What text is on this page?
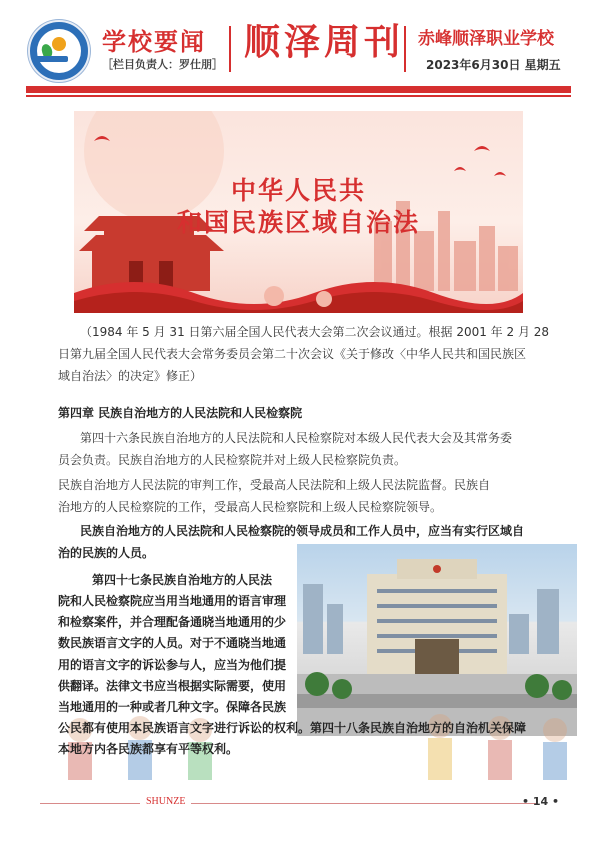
学校要闻
［栏目负责人：罗仕朋］
顺泽周刊 赤峰顺泽职业学校
2023年6月30日 星期五
中华人民共
和国民族区域自治法
（1984 年 5 月 31 日第六届全国人民代表大会第二次会议通过。根据 2001 年 2 月 28
日第九届全国人民代表大会常务委员会第二十次会议《关于修改〈中华人民共和国民族区
域自治法〉的决定》修正）
第四章 民族自治地方的人民法院和人民检察院
第四十六条民族自治地方的人民法院和人民检察院对本级人民代表大会及其常务委
员会负责。民族自治地方的人民检察院并对上级人民检察院负责。
民族自治地方人民法院的审判工作，受最高人民法院和上级人民法院监督。民族自
治地方的人民检察院的工作，受最高人民检察院和上级人民检察院领导。
民族自治地方的人民法院和人民检察院的领导成员和工作人员中，应当有实行区域自
治的民族的人员。
第四十七条民族自治地方的人民法
院和人民检察院应当用当地通用的语言审理
和检察案件，并合理配备通晓当地通用的少
数民族语言文字的人员。对于不通晓当地通
用的语言文字的诉讼参与人，应当为他们提
供翻译。法律文书应当根据实际需要，使用
当地通用的一种或者几种文字。保障各民族
公民都有使用本民族语言文字进行诉讼的权利。第四十八条民族自治地方的自治机关保障
本地方内各民族都享有平等权利。
SHUNZE	• 14 •
